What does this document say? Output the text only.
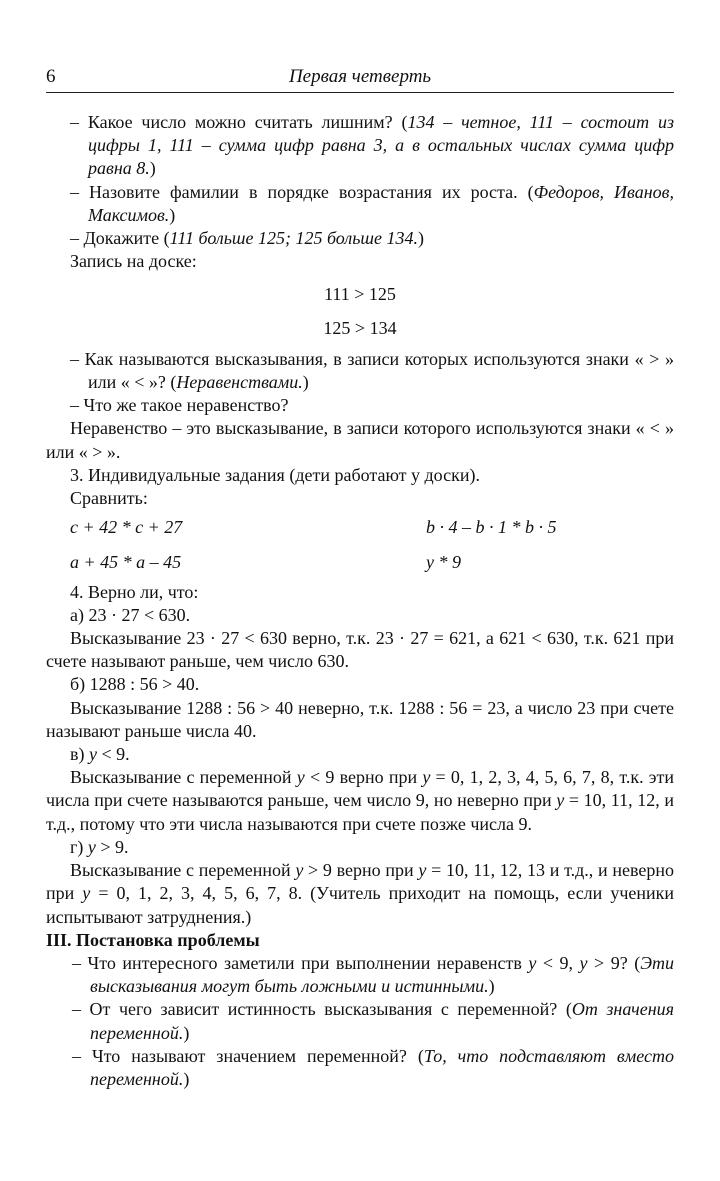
6	Первая четверть

– Какое число можно считать лишним? (134 – четное, 111 – состоит из цифры 1, 111 – сумма цифр равна 3, а в остальных числах сумма цифр равна 8.)

– Назовите фамилии в порядке возрастания их роста. (Федоров, Иванов, Максимов.)

– Докажите (111 больше 125; 125 больше 134.)

Запись на доске:

111 > 125

125 > 134

– Как называются высказывания, в записи которых используются знаки « > » или « < »? (Неравенствами.)

– Что же такое неравенство?

Неравенство – это высказывание, в записи которого используются знаки « < » или « > ».

3. Индивидуальные задания (дети работают у доски).

Сравнить:

с + 42 * с + 27	b · 4 – b · 1 * b · 5
а + 45 * а – 45	у * 9

4. Верно ли, что:

а) 23 · 27 < 630.

Высказывание 23 · 27 < 630 верно, т.к. 23 · 27 = 621, а 621 < 630, т.к. 621 при счете называют раньше, чем число 630.

б) 1288 : 56 > 40.

Высказывание 1288 : 56 > 40 неверно, т.к. 1288 : 56 = 23, а число 23 при счете называют раньше числа 40.

в) у < 9.

Высказывание с переменной у < 9 верно при у = 0, 1, 2, 3, 4, 5, 6, 7, 8, т.к. эти числа при счете называются раньше, чем число 9, но неверно при у = 10, 11, 12, и т.д., потому что эти числа называются при счете позже числа 9.

г) у > 9.

Высказывание с переменной у > 9 верно при у = 10, 11, 12, 13 и т.д., и неверно при у = 0, 1, 2, 3, 4, 5, 6, 7, 8. (Учитель приходит на помощь, если ученики испытывают затруднения.)

III. Постановка проблемы

– Что интересного заметили при выполнении неравенств у < 9, у > 9? (Эти высказывания могут быть ложными и истинными.)

– От чего зависит истинность высказывания с переменной? (От значения переменной.)

– Что называют значением переменной? (То, что подставляют вместо переменной.)
